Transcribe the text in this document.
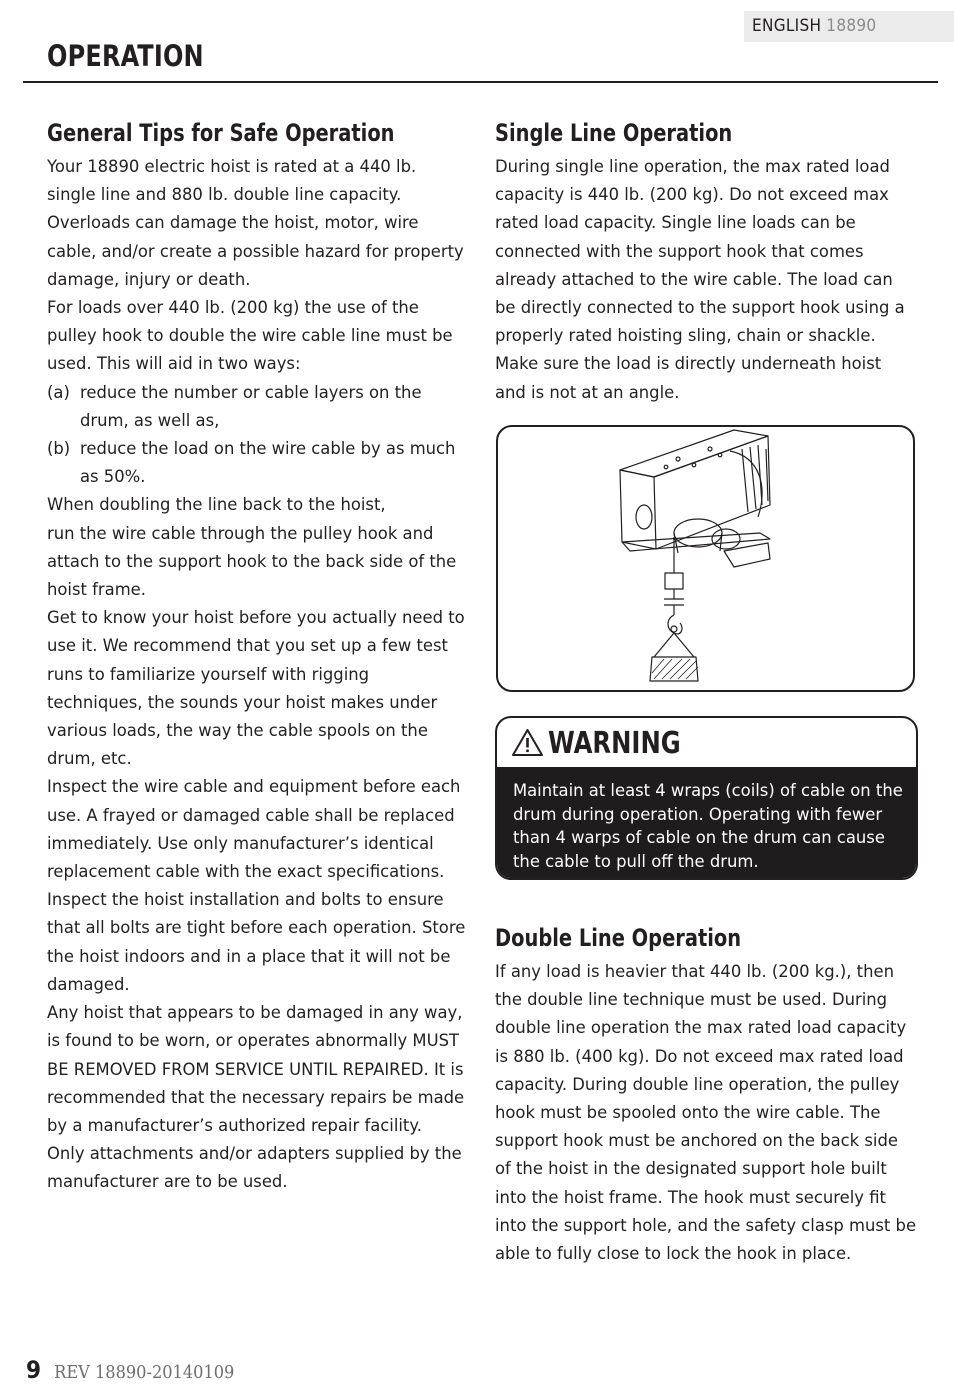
ENGLISH 18890
OPERATION
General Tips for Safe Operation

Your 18890 electric hoist is rated at a 440 lb. single line and 880 lb. double line capacity. Overloads can damage the hoist, motor, wire cable, and/or create a possible hazard for property damage, injury or death.

For loads over 440 lb. (200 kg) the use of the pulley hook to double the wire cable line must be used. This will aid in two ways:

(a) reduce the number or cable layers on the drum, as well as,
(b) reduce the load on the wire cable by as much as 50%.

When doubling the line back to the hoist,

run the wire cable through the pulley hook and attach to the support hook to the back side of the hoist frame.

Get to know your hoist before you actually need to use it. We recommend that you set up a few test runs to familiarize yourself with rigging techniques, the sounds your hoist makes under various loads, the way the cable spools on the drum, etc.

Inspect the wire cable and equipment before each use. A frayed or damaged cable shall be replaced immediately. Use only manufacturer’s identical replacement cable with the exact specifications.

Inspect the hoist installation and bolts to ensure that all bolts are tight before each operation. Store the hoist indoors and in a place that it will not be damaged.

Any hoist that appears to be damaged in any way, is found to be worn, or operates abnormally MUST BE REMOVED FROM SERVICE UNTIL REPAIRED. It is recommended that the necessary repairs be made by a manufacturer’s authorized repair facility.

Only attachments and/or adapters supplied by the manufacturer are to be used.

Single Line Operation
During single line operation, the max rated load capacity is 440 lb. (200 kg). Do not exceed max rated load capacity. Single line loads can be connected with the support hook that comes already attached to the wire cable. The load can be directly connected to the support hook using a properly rated hoisting sling, chain or shackle. Make sure the load is directly underneath hoist and is not at an angle.
WARNING
Maintain at least 4 wraps (coils) of cable on the drum during operation. Operating with fewer than 4 warps of cable on the drum can cause the cable to pull off the drum.
Double Line Operation
If any load is heavier that 440 lb. (200 kg.), then the double line technique must be used. During double line operation the max rated load capacity is 880 lb. (400 kg). Do not exceed max rated load capacity. During double line operation, the pulley hook must be spooled onto the wire cable. The support hook must be anchored on the back side of the hoist in the designated support hole built into the hoist frame. The hook must securely fit into the support hole, and the safety clasp must be able to fully close to lock the hook in place.
9 REV 18890-20140109
